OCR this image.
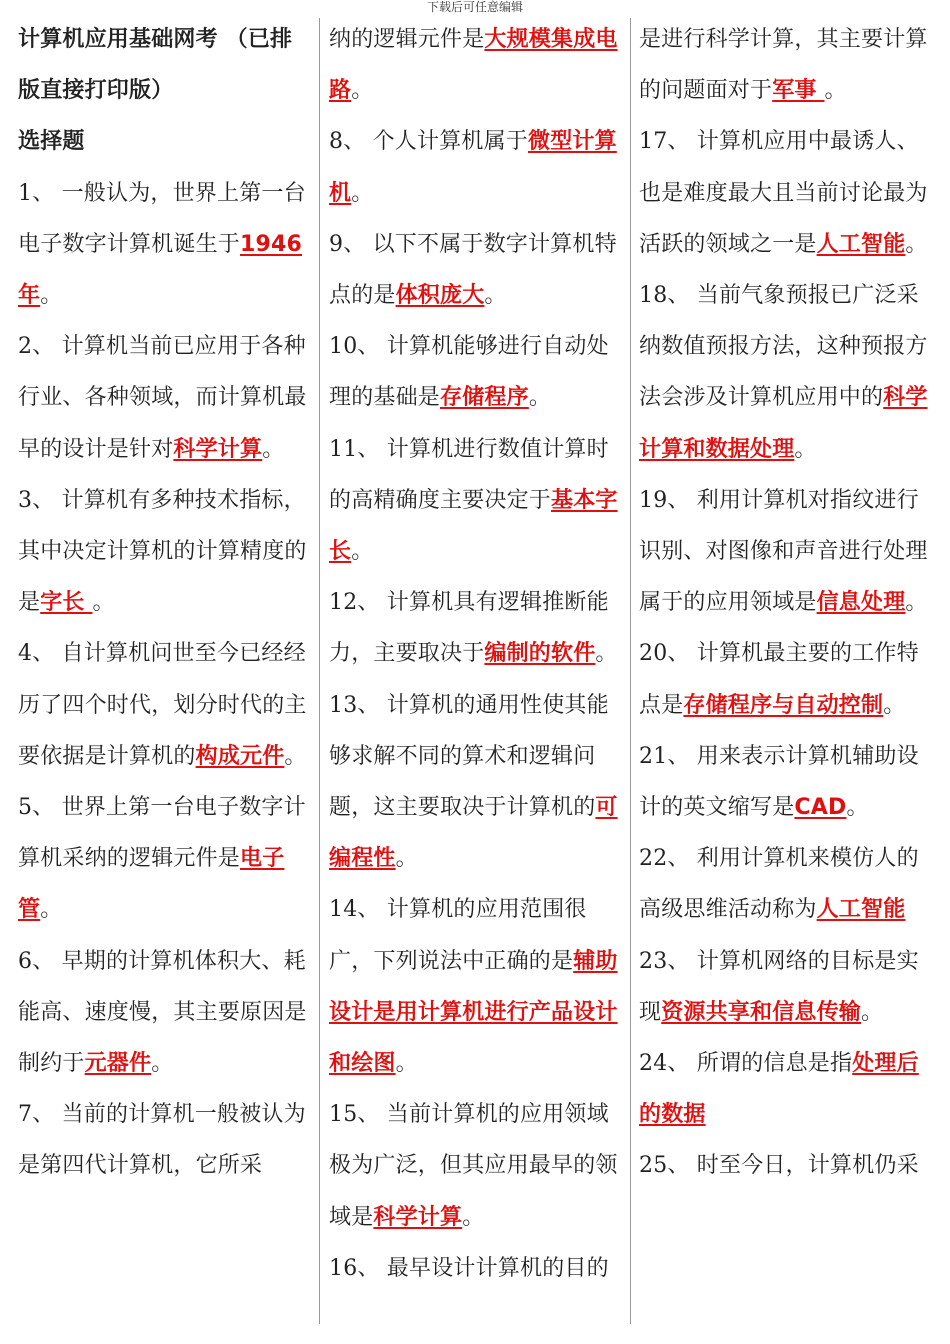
下载后可任意编辑

计算机应用基础网考 （已排版直接打印版）

选择题

1、 一般认为，世界上第一台电子数字计算机诞生于1946年。

2、 计算机当前已应用于各种行业、各种领域，而计算机最早的设计是针对科学计算。

3、 计算机有多种技术指标，其中决定计算机的计算精度的是字长 。

4、 自计算机问世至今已经经历了四个时代，划分时代的主要依据是计算机的构成元件。

5、 世界上第一台电子数字计算机采纳的逻辑元件是电子管。

6、 早期的计算机体积大、耗能高、速度慢，其主要原因是制约于元器件。

7、 当前的计算机一般被认为是第四代计算机，它所采

纳的逻辑元件是大规模集成电路。

8、 个人计算机属于微型计算机。

9、 以下不属于数字计算机特点的是体积庞大。

10、 计算机能够进行自动处理的基础是存储程序。

11、 计算机进行数值计算时的高精确度主要决定于基本字长。

12、 计算机具有逻辑推断能力，主要取决于编制的软件。

13、 计算机的通用性使其能够求解不同的算术和逻辑问题，这主要取决于计算机的可编程性。

14、 计算机的应用范围很广，下列说法中正确的是辅助设计是用计算机进行产品设计和绘图。

15、 当前计算机的应用领域极为广泛，但其应用最早的领域是科学计算。

16、 最早设计计算机的目的

是进行科学计算，其主要计算的问题面对于军事 。

17、 计算机应用中最诱人、也是难度最大且当前讨论最为活跃的领域之一是人工智能。

18、 当前气象预报已广泛采纳数值预报方法，这种预报方法会涉及计算机应用中的科学计算和数据处理。

19、 利用计算机对指纹进行识别、对图像和声音进行处理属于的应用领域是信息处理。

20、 计算机最主要的工作特点是存储程序与自动控制。

21、 用来表示计算机辅助设计的英文缩写是CAD。

22、 利用计算机来模仿人的高级思维活动称为人工智能

23、 计算机网络的目标是实现资源共享和信息传输。

24、 所谓的信息是指处理后的数据

25、 时至今日，计算机仍采
